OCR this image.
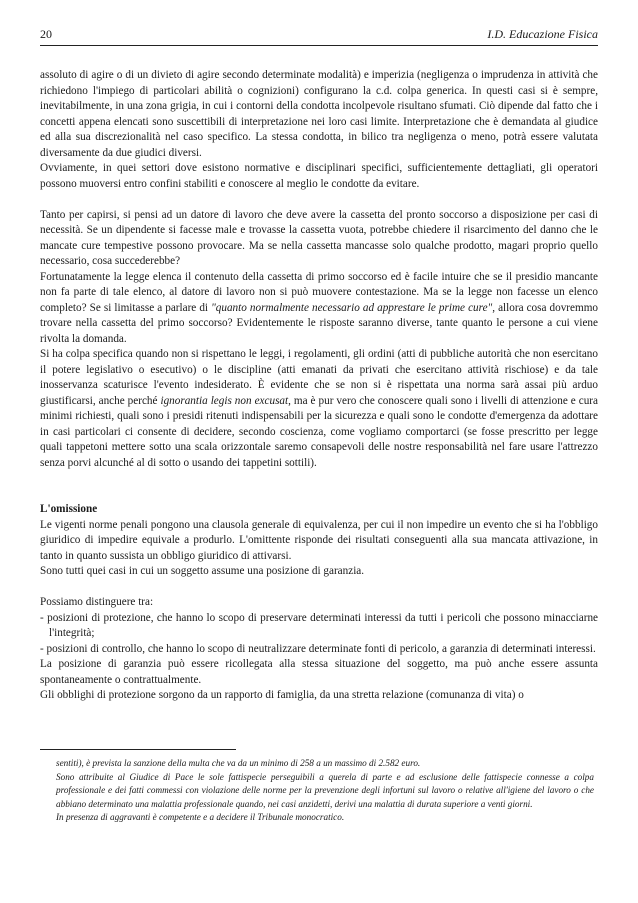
20	I.D. Educazione Fisica

assoluto di agire o di un divieto di agire secondo determinate modalità) e imperizia (negligenza o imprudenza in attività che richiedono l'impiego di particolari abilità o cognizioni) configurano la c.d. colpa generica. In questi casi si è sempre, inevitabilmente, in una zona grigia, in cui i contorni della condotta incolpevole risultano sfumati. Ciò dipende dal fatto che i concetti appena elencati sono suscettibili di interpretazione nei loro casi limite. Interpretazione che è demandata al giudice ed alla sua discrezionalità nel caso specifico. La stessa condotta, in bilico tra negligenza o meno, potrà essere valutata diversamente da due giudici diversi.

Ovviamente, in quei settori dove esistono normative e disciplinari specifici, sufficientemente dettagliati, gli operatori possono muoversi entro confini stabiliti e conoscere al meglio le condotte da evitare.

Tanto per capirsi, si pensi ad un datore di lavoro che deve avere la cassetta del pronto soccorso a disposizione per casi di necessità. Se un dipendente si facesse male e trovasse la cassetta vuota, potrebbe chiedere il risarcimento del danno che le mancate cure tempestive possono provocare. Ma se nella cassetta mancasse solo qualche prodotto, magari proprio quello necessario, cosa succederebbe?

Fortunatamente la legge elenca il contenuto della cassetta di primo soccorso ed è facile intuire che se il presidio mancante non fa parte di tale elenco, al datore di lavoro non si può muovere contestazione. Ma se la legge non facesse un elenco completo? Se si limitasse a parlare di "quanto normalmente necessario ad apprestare le prime cure", allora cosa dovremmo trovare nella cassetta del primo soccorso? Evidentemente le risposte saranno diverse, tante quanto le persone a cui viene rivolta la domanda.

Si ha colpa specifica quando non si rispettano le leggi, i regolamenti, gli ordini (atti di pubbliche autorità che non esercitano il potere legislativo o esecutivo) o le discipline (atti emanati da privati che esercitano attività rischiose) e da tale inosservanza scaturisce l'evento indesiderato. È evidente che se non si è rispettata una norma sarà assai più arduo giustificarsi, anche perché ignorantia legis non excusat, ma è pur vero che conoscere quali sono i livelli di attenzione e cura minimi richiesti, quali sono i presidi ritenuti indispensabili per la sicurezza e quali sono le condotte d'emergenza da adottare in casi particolari ci consente di decidere, secondo coscienza, come vogliamo comportarci (se fosse prescritto per legge quali tappetoni mettere sotto una scala orizzontale saremo consapevoli delle nostre responsabilità nel fare usare l'attrezzo senza porvi alcunché al di sotto o usando dei tappetini sottili).

L'omissione

Le vigenti norme penali pongono una clausola generale di equivalenza, per cui il non impedire un evento che si ha l'obbligo giuridico di impedire equivale a produrlo. L'omittente risponde dei risultati conseguenti alla sua mancata attivazione, in tanto in quanto sussista un obbligo giuridico di attivarsi.

Sono tutti quei casi in cui un soggetto assume una posizione di garanzia.

Possiamo distinguere tra:

- posizioni di protezione, che hanno lo scopo di preservare determinati interessi da tutti i pericoli che possono minacciarne l'integrità;

- posizioni di controllo, che hanno lo scopo di neutralizzare determinate fonti di pericolo, a garanzia di determinati interessi.

La posizione di garanzia può essere ricollegata alla stessa situazione del soggetto, ma può anche essere assunta spontaneamente o contrattualmente.

Gli obblighi di protezione sorgono da un rapporto di famiglia, da una stretta relazione (comunanza di vita) o

sentiti), è prevista la sanzione della multa che va da un minimo di 258 a un massimo di 2.582 euro.

Sono attribuite al Giudice di Pace le sole fattispecie perseguibili a querela di parte e ad esclusione delle fattispecie connesse a colpa professionale e dei fatti commessi con violazione delle norme per la prevenzione degli infortuni sul lavoro o relative all'igiene del lavoro o che abbiano determinato una malattia professionale quando, nei casi anzidetti, derivi una malattia di durata superiore a venti giorni.

In presenza di aggravanti è competente e a decidere il Tribunale monocratico.
